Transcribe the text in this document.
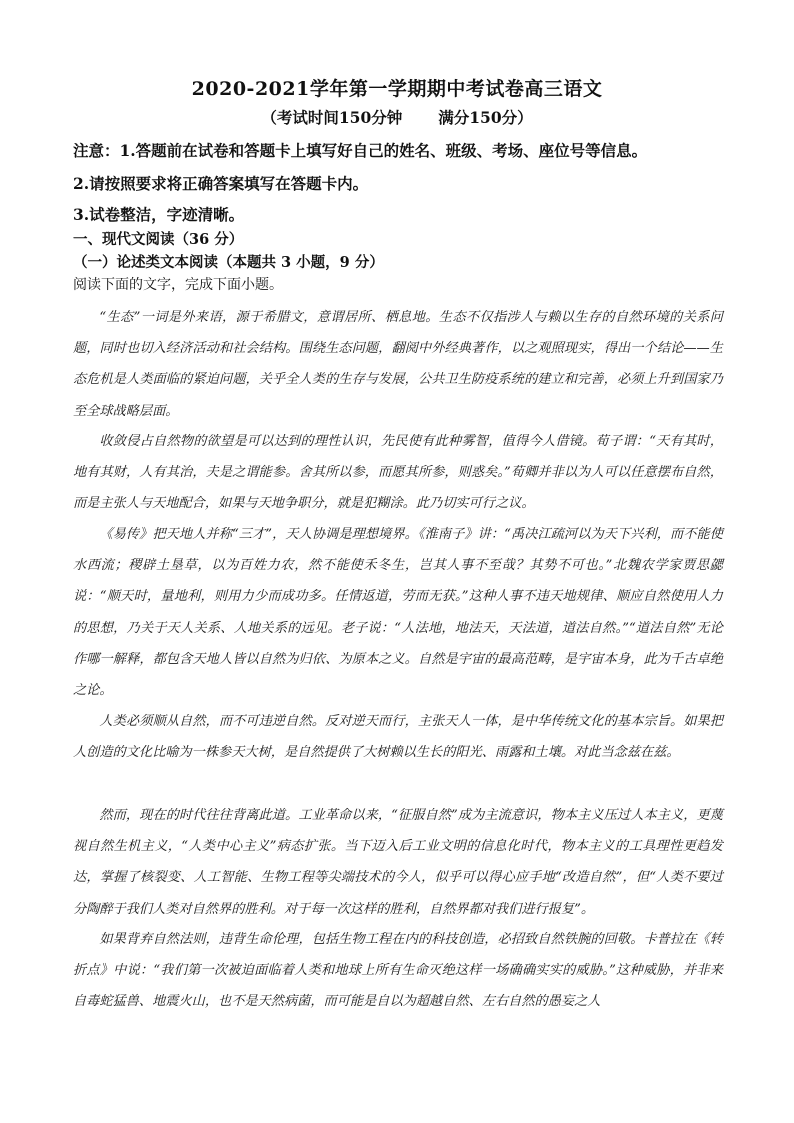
2020-2021学年第一学期期中考试卷高三语文
（考试时间150分钟 满分150分）
注意：1.答题前在试卷和答题卡上填写好自己的姓名、班级、考场、座位号等信息。
2.请按照要求将正确答案填写在答题卡内。
3.试卷整洁，字迹清晰。
一、现代文阅读（36 分）
（一）论述类文本阅读（本题共 3 小题，9 分）
阅读下面的文字，完成下面小题。
“生态”一词是外来语，源于希腊文，意谓居所、栖息地。生态不仅指涉人与赖以生存的自然环境的关系问题，同时也切入经济活动和社会结构。围绕生态问题，翻阅中外经典著作，以之观照现实，得出一个结论——生态危机是人类面临的紧迫问题，关乎全人类的生存与发展，公共卫生防疫系统的建立和完善，必须上升到国家乃至全球战略层面。
收敛侵占自然物的欲望是可以达到的理性认识，先民使有此种雾智，值得今人借镜。荀子谓：“天有其时，地有其财，人有其治，夫是之谓能参。舍其所以参，而愿其所参，则惑矣。”荀卿并非以为人可以任意摆布自然，而是主张人与天地配合，如果与天地争职分，就是犯糊涂。此乃切实可行之议。
《易传》把天地人并称“三才”，天人协调是理想境界。《淮南子》讲：“禹决江疏河以为天下兴利，而不能使水西流；稷辟土垦草，以为百姓力农，然不能使禾冬生，岂其人事不至哉？其势不可也。”北魏农学家贾思勰说：“顺天时，量地利，则用力少而成功多。任情返道，劳而无获。”这种人事不违天地规律、顺应自然使用人力的思想，乃关于天人关系、人地关系的远见。老子说：“人法地，地法天，天法道，道法自然。”“道法自然”无论作哪一解释，都包含天地人皆以自然为归依、为原本之义。自然是宇宙的最高范畴，是宇宙本身，此为千古卓绝之论。
人类必须顺从自然，而不可违逆自然。反对逆天而行，主张天人一体，是中华传统文化的基本宗旨。如果把人创造的文化比喻为一株参天大树，是自然提供了大树赖以生长的阳光、雨露和土壤。对此当念兹在兹。
然而，现在的时代往往背离此道。工业革命以来，“征服自然”成为主流意识，物本主义压过人本主义，更蔑视自然生机主义，“人类中心主义”病态扩张。当下迈入后工业文明的信息化时代，物本主义的工具理性更趋发达，掌握了核裂变、人工智能、生物工程等尖端技术的今人，似乎可以得心应手地“改造自然”，但“人类不要过分陶醉于我们人类对自然界的胜利。对于每一次这样的胜利，自然界都对我们进行报复”。
如果背弃自然法则，违背生命伦理，包括生物工程在内的科技创造，必招致自然铁腕的回敬。卡普拉在《转折点》中说：“我们第一次被迫面临着人类和地球上所有生命灭绝这样一场确确实实的威胁。”这种威胁，并非来自毒蛇猛兽、地震火山，也不是天然病菌，而可能是自以为超越自然、左右自然的愚妄之人
